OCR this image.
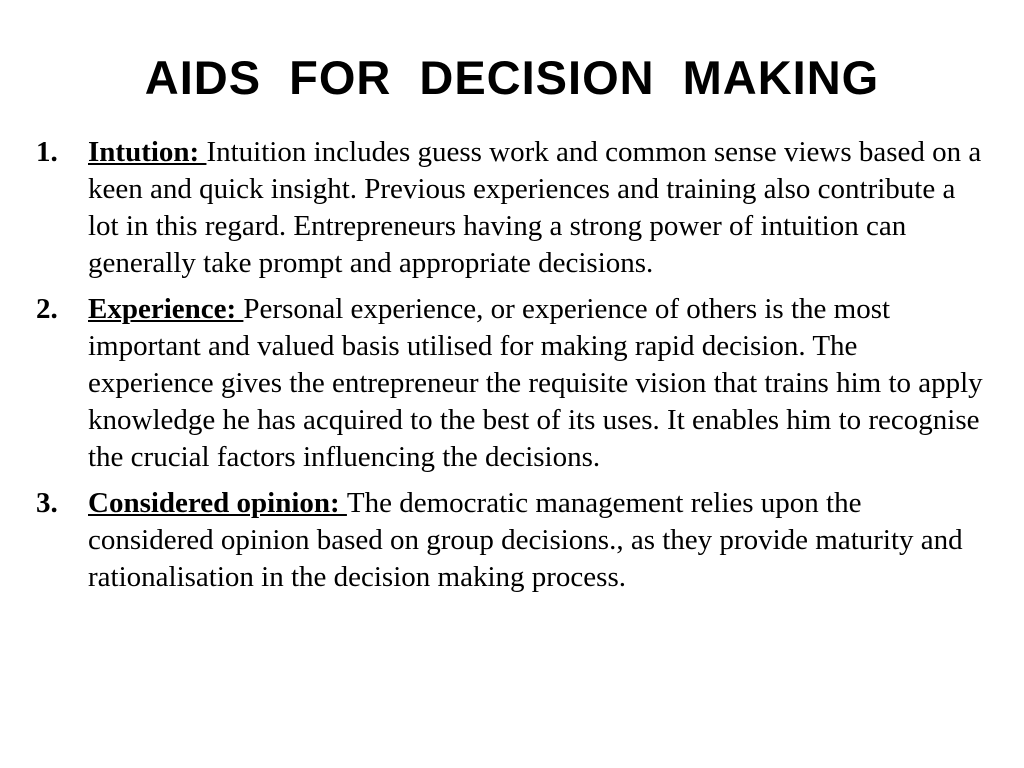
AIDS FOR DECISION MAKING
1. Intution: Intuition includes guess work and common sense views based on a keen and quick insight. Previous experiences and training also contribute a lot in this regard. Entrepreneurs having a strong power of intuition can generally take prompt and appropriate decisions.
2. Experience: Personal experience, or experience of others is the most important and valued basis utilised for making rapid decision. The experience gives the entrepreneur the requisite vision that trains him to apply knowledge he has acquired to the best of its uses. It enables him to recognise the crucial factors influencing the decisions.
3. Considered opinion: The democratic management relies upon the considered opinion based on group decisions., as they provide maturity and rationalisation in the decision making process.
